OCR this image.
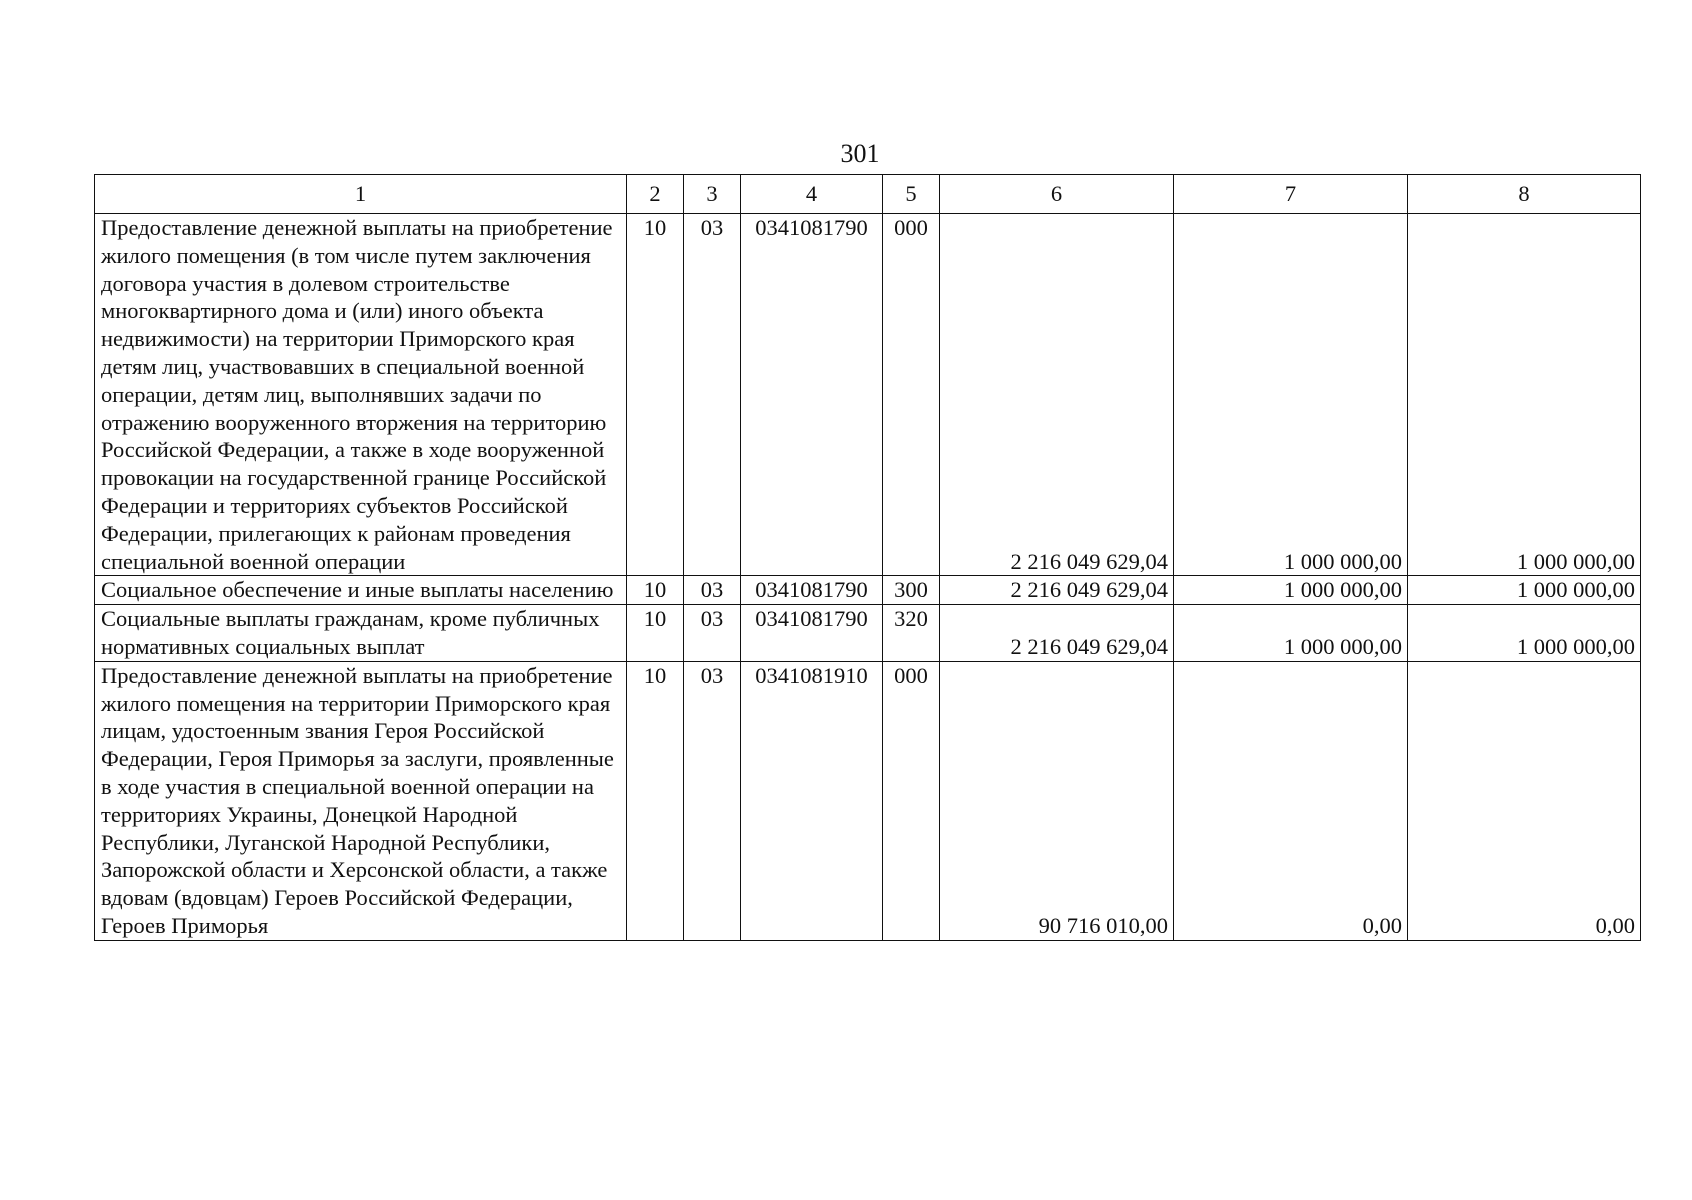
301
1	2	3	4	5	6	7	8
Предоставление денежной выплаты на приобретение жилого помещения (в том числе путем заключения договора участия в долевом строительстве многоквартирного дома и (или) иного объекта недвижимости) на территории Приморского края детям лиц, участвовавших в специальной военной операции, детям лиц, выполнявших задачи по отражению вооруженного вторжения на территорию Российской Федерации, а также в ходе вооруженной провокации на государственной границе Российской Федерации и территориях субъектов Российской Федерации, прилегающих к районам проведения специальной военной операции	10	03	0341081790	000	2 216 049 629,04	1 000 000,00	1 000 000,00
Социальное обеспечение и иные выплаты населению	10	03	0341081790	300	2 216 049 629,04	1 000 000,00	1 000 000,00
Социальные выплаты гражданам, кроме публичных нормативных социальных выплат	10	03	0341081790	320	2 216 049 629,04	1 000 000,00	1 000 000,00
Предоставление денежной выплаты на приобретение жилого помещения на территории Приморского края лицам, удостоенным звания Героя Российской Федерации, Героя Приморья за заслуги, проявленные в ходе участия в специальной военной операции на территориях Украины, Донецкой Народной Республики, Луганской Народной Республики, Запорожской области и Херсонской области, а также вдовам (вдовцам) Героев Российской Федерации, Героев Приморья	10	03	0341081910	000	90 716 010,00	0,00	0,00
